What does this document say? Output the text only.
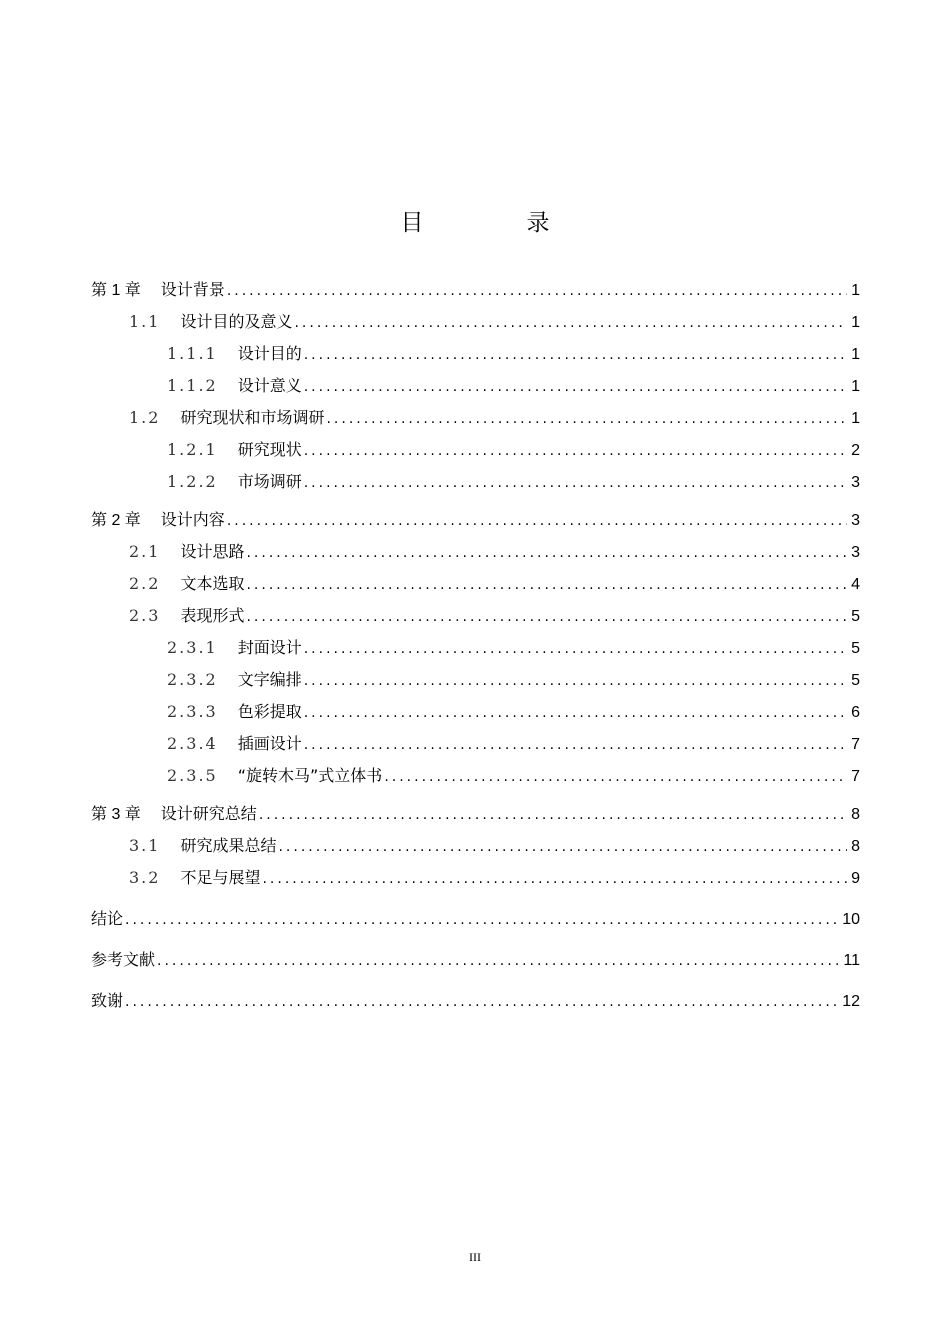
目　录
第 1 章 设计背景 .....	1
1.1 设计目的及意义 .....	1
1.1.1 设计目的 .....	1
1.1.2 设计意义 .....	1
1.2 研究现状和市场调研 .....	1
1.2.1 研究现状 .....	2
1.2.2 市场调研 .....	3
第 2 章 设计内容 .....	3
2.1 设计思路 .....	3
2.2 文本选取 .....	4
2.3 表现形式 .....	5
2.3.1 封面设计 .....	5
2.3.2 文字编排 .....	5
2.3.3 色彩提取 .....	6
2.3.4 插画设计 .....	7
2.3.5 “旋转木马”式立体书 .....	7
第 3 章 设计研究总结 .....	8
3.1 研究成果总结 .....	8
3.2 不足与展望 .....	9
结论 .....	10
参考文献 .....	11
致谢 .....	12
III
